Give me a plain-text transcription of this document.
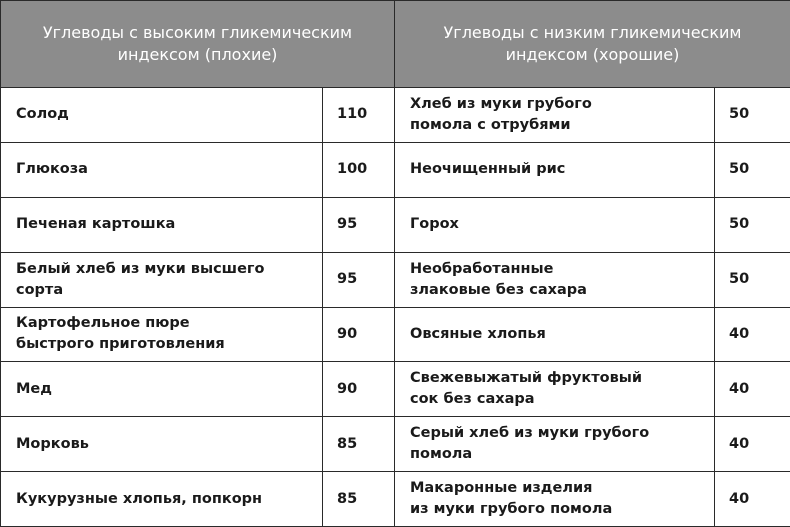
Углеводы с высоким гликемическим
индексом (плохие)		Углеводы с низким гликемическим
индексом (хорошие)	

Солод	110	Хлеб из муки грубого
помола с отрубями	50

Глюкоза	100	Неочищенный рис	50

Печеная картошка	95	Горох	50

Белый хлеб из муки высшего сорта	95	Необработанные
злаковые без сахара	50

Картофельное пюре
быстрого приготовления	90	Овсяные хлопья	40

Мед	90	Свежевыжатый фруктовый
сок без сахара	40

Морковь	85	Серый хлеб из муки грубого помола	40

Кукурузные хлопья, попкорн	85	Макаронные изделия
из муки грубого помола	40
